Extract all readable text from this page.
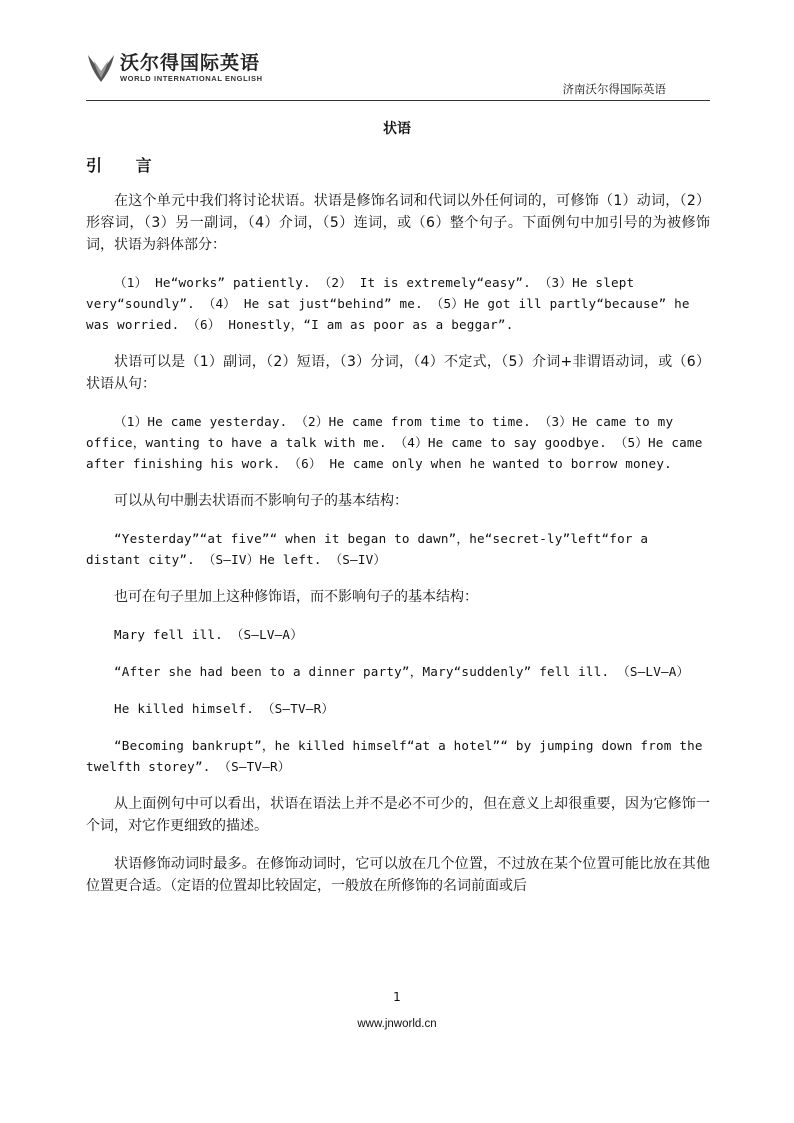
沃尔得国际英语
WORLD INTERNATIONAL ENGLISH
济南沃尔得国际英语
状语
引 言

在这个单元中我们将讨论状语。状语是修饰名词和代词以外任何词的，可修饰（1）动词，（2）形容词，（3）另一副词，（4）介词，（5）连词，或（6）整个句子。下面例句中加引号的为被修饰词，状语为斜体部分：

（1） He“works” patiently. （2） It is extremely“easy”. （3）He slept very“soundly”. （4） He sat just“behind” me. （5）He got ill partly“because” he was worried. （6） Honestly，“I am as poor as a beggar”.

状语可以是（1）副词，（2）短语，（3）分词，（4）不定式，（5）介词+非谓语动词，或（6）状语从句：

（1）He came yesterday. （2）He came from time to time. （3）He came to my office，wanting to have a talk with me. （4）He came to say goodbye. （5）He came after finishing his work. （6） He came only when he wanted to borrow money.

可以从句中删去状语而不影响句子的基本结构：

“Yesterday”“at five”“ when it began to dawn”，he“secret-ly”left“for a distant city”. （S—IV）He left. （S—IV）

也可在句子里加上这种修饰语，而不影响句子的基本结构：

Mary fell ill. （S—LV—A）

“After she had been to a dinner party”，Mary“suddenly” fell ill. （S—LV—A）

He killed himself. （S—TV—R）

“Becoming bankrupt”，he killed himself“at a hotel”“ by jumping down from the twelfth storey”. （S—TV—R）

从上面例句中可以看出，状语在语法上并不是必不可少的，但在意义上却很重要，因为它修饰一个词，对它作更细致的描述。

状语修饰动词时最多。在修饰动词时，它可以放在几个位置，不过放在某个位置可能比放在其他位置更合适。（定语的位置却比较固定，一般放在所修饰的名词前面或后

1
www.jnworld.cn
